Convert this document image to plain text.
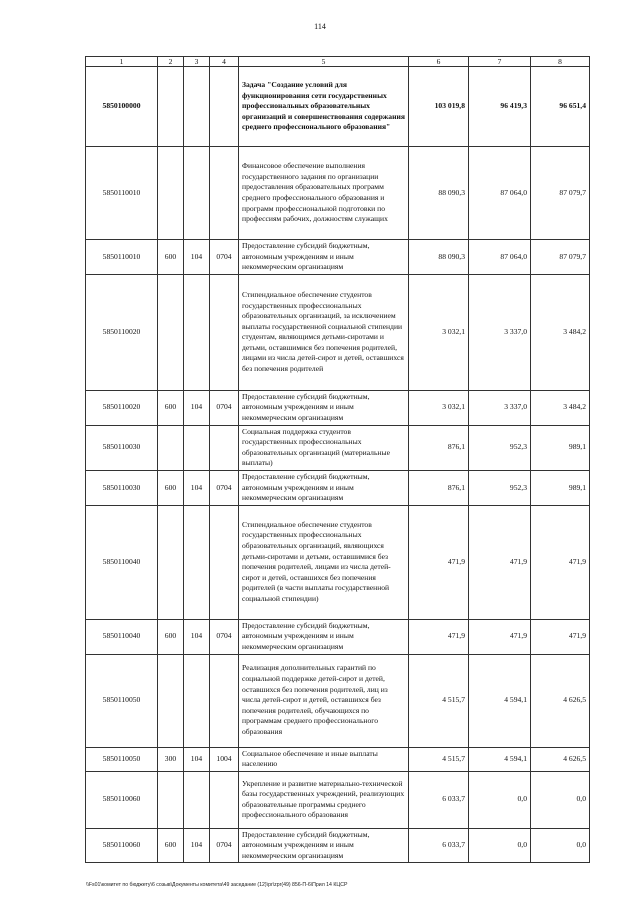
114
1	2	3	4	5	6	7	8
5850100000				Задача "Создание условий для функционирования сети государственных профессиональных образовательных организаций и совершенствования содержания среднего профессионального образования"	103 019,8	96 419,3	96 651,4
5850110010				Финансовое обеспечение выполнения государственного задания по организации предоставления образовательных программ среднего профессионального образования и программ профессиональной подготовки по профессиям рабочих, должностям служащих	88 090,3	87 064,0	87 079,7
5850110010	600	104	0704	Предоставление субсидий бюджетным, автономным учреждениям и иным некоммерческим организациям	88 090,3	87 064,0	87 079,7
5850110020				Стипендиальное обеспечение студентов государственных профессиональных образовательных организаций, за исключением выплаты государственной социальной стипендии студентам, являющимся детьми-сиротами и детьми, оставшимися без попечения родителей, лицами из числа детей-сирот и детей, оставшихся без попечения родителей	3 032,1	3 337,0	3 484,2
5850110020	600	104	0704	Предоставление субсидий бюджетным, автономным учреждениям и иным некоммерческим организациям	3 032,1	3 337,0	3 484,2
5850110030				Социальная поддержка студентов государственных профессиональных образовательных организаций (материальные выплаты)	876,1	952,3	989,1
5850110030	600	104	0704	Предоставление субсидий бюджетным, автономным учреждениям и иным некоммерческим организациям	876,1	952,3	989,1
5850110040				Стипендиальное обеспечение студентов государственных профессиональных образовательных организаций, являющихся детьми-сиротами и детьми, оставшимися без попечения родителей, лицами из числа детей-сирот и детей, оставшихся без попечения родителей (в части выплаты государственной социальной стипендии)	471,9	471,9	471,9
5850110040	600	104	0704	Предоставление субсидий бюджетным, автономным учреждениям и иным некоммерческим организациям	471,9	471,9	471,9
5850110050				Реализация дополнительных гарантий по социальной поддержке детей-сирот и детей, оставшихся без попечения родителей, лиц из числа детей-сирот и детей, оставшихся без попечения родителей, обучающихся по программам среднего профессионального образования	4 515,7	4 594,1	4 626,5
5850110050	300	104	1004	Социальное обеспечение и иные выплаты населению	4 515,7	4 594,1	4 626,5
5850110060				Укрепление и развитие материально-технической базы государственных учреждений, реализующих образовательные программы среднего профессионального образования	6 033,7	0,0	0,0
5850110060	600	104	0704	Предоставление субсидий бюджетным, автономным учреждениям и иным некоммерческим организациям	6 033,7	0,0	0,0
\\Fs01\комитет по бюджету\6 созыв\Документы комитета\49 заседание (12)\pr\zpr(49) 856-П-6\Прил 14 КЦСР
